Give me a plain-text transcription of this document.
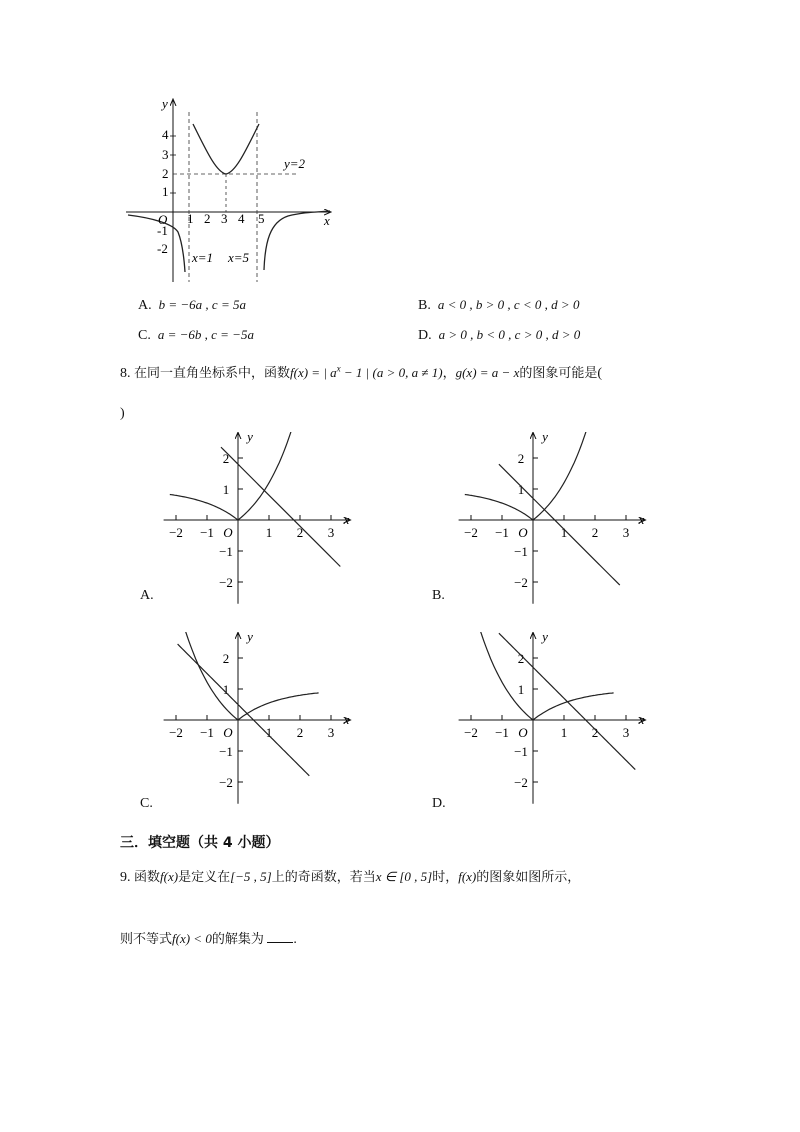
O 1 2 3 4 5	x
y
4
3
2
1
-1
-2
y=2
x=1 x=5
A. b = −6a , c = 5a	B. a < 0 , b > 0 , c < 0 , d > 0
C. a = −6b , c = −5a	D. a > 0 , b < 0 , c > 0 , d > 0
8. 在同一直角坐标系中，函数f(x) = | $a^x - 1$ | (a > 0, a ≠ 1)，g(x) = a − x的图象可能是(
)
−2 −1	1 2 3
2
1
−1
−2
O
x
y
−2 −1	1 2 3
2
1
−1
−2
O
x
y
−2 −1	1 2 3
2
1
−1
−2
O
x
y
−2 −1	1 2 3
2
1
−1
−2
O
x
y
A.	B.
C.	D.
三．填空题（共 4 小题）
9. 函数f(x)是定义在[−5 , 5]上的奇函数，若当x ∈ [0 , 5]时，f(x)的图象如图所示，
则不等式f(x) < 0的解集为 .
